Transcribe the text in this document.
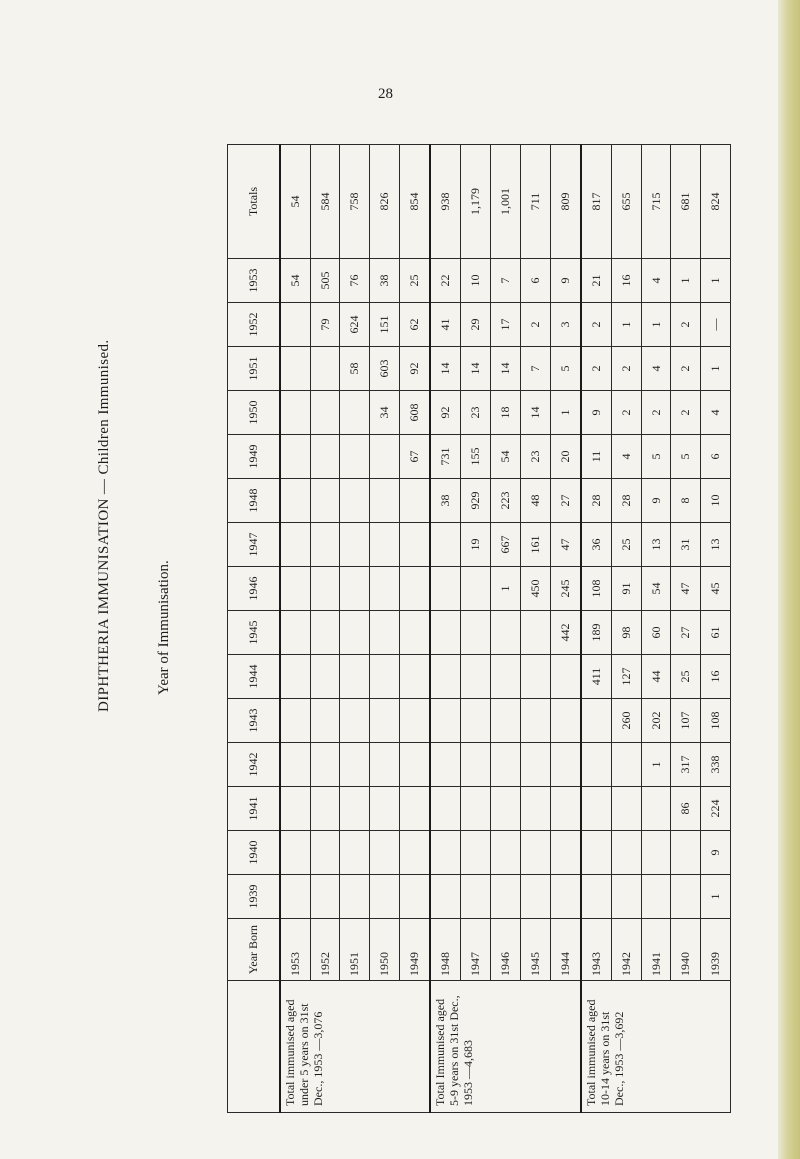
28
DIPHTHERIA IMMUNISATION — Children Immunised.	Year of Immunisation.
	Year Born	1939	1940	1941	1942	1943	1944	1945	1946	1947	1948	1949	1950	1951	1952	1953	Totals
Total immunised aged under 5 years on 31st Dec., 1953 —3,076	1953															54	54
	1952														79	505	584
	1951													58	624	76	758
	1950												34	603	151	38	826
	1949											67	608	92	62	25	854
Total Immunised aged 5-9 years on 31st Dec., 1953 —4,683	1948										38	731	92	14	41	22	938
	1947									19	929	155	23	14	29	10	1,179
	1946								1	667	223	54	18	14	17	7	1,001
	1945								450	161	48	23	14	7	2	6	711
	1944							442	245	47	27	20	1	5	3	9	809
Total immunised aged 10-14 years on 31st Dec., 1953 —3,692	1943						411	189	108	36	28	11	9	2	2	21	817
	1942					260	127	98	91	25	28	4	2	2	1	16	655
	1941				1	202	44	60	54	13	9	5	2	4	1	4	715
	1940			86	317	107	25	27	47	31	8	5	2	2	2	1	681
	1939	1	9	224	338	108	16	61	45	13	10	6	4	1	—	1	824
